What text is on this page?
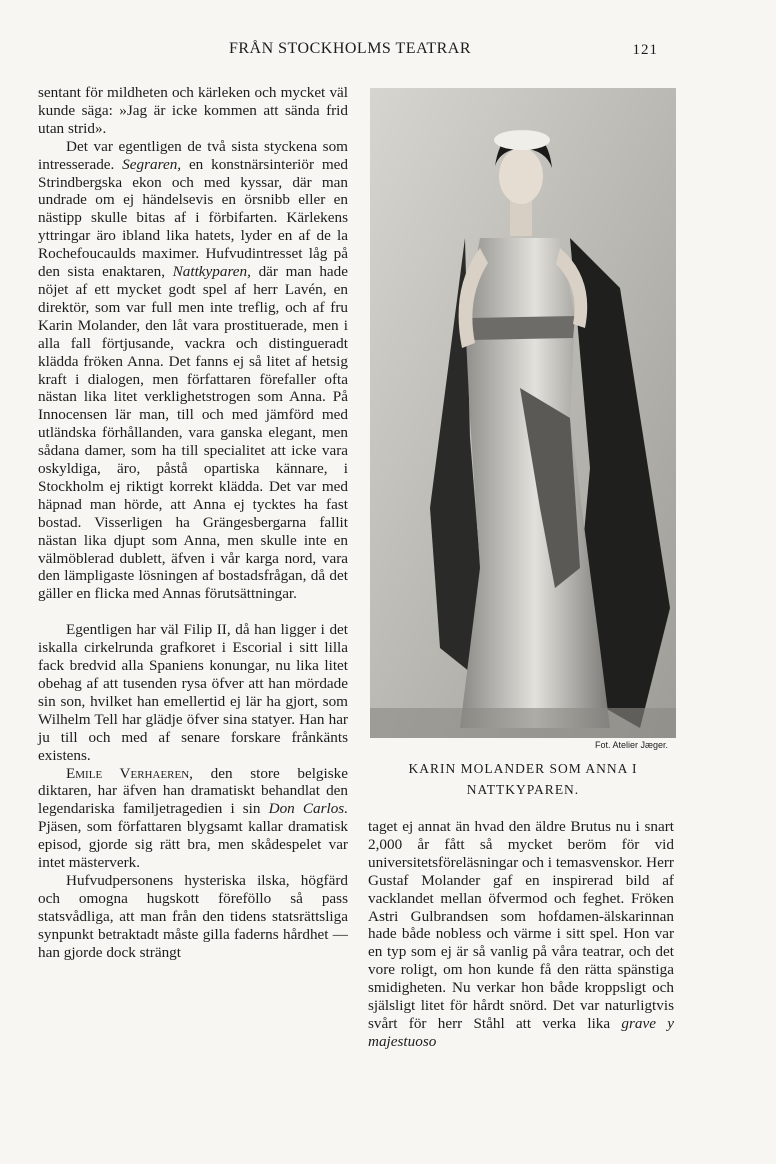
FRÅN STOCKHOLMS TEATRAR	121

sentant för mildheten och kärleken och mycket väl kunde säga: »Jag är icke kommen att sända frid utan strid».

Det var egentligen de två sista styckena som intresserade. Segraren, en konstnärsinteriör med Strindbergska ekon och med kyssar, där man undrade om ej händelsevis en örsnibb eller en nästipp skulle bitas af i förbifarten. Kärlekens yttringar äro ibland lika hatets, lyder en af de la Rochefoucaulds maximer. Hufvudintresset låg på den sista enaktaren, Nattkyparen, där man hade nöjet af ett mycket godt spel af herr Lavén, en direktör, som var full men inte treflig, och af fru Karin Molander, den låt vara prostituerade, men i alla fall förtjusande, vackra och distingueradt klädda fröken Anna. Det fanns ej så litet af hetsig kraft i dialogen, men författaren förefaller ofta nästan lika litet verklighetstrogen som Anna. På Innocensen lär man, till och med jämförd med utländska förhållanden, vara ganska elegant, men sådana damer, som ha till specialitet att icke vara oskyldiga, äro, påstå opartiska kännare, i Stockholm ej riktigt korrekt klädda. Det var med häpnad man hörde, att Anna ej tycktes ha fast bostad. Visserligen ha Grängesbergarna fallit nästan lika djupt som Anna, men skulle inte en välmöblerad dublett, äfven i vår karga nord, vara den lämpligaste lösningen af bostadsfrågan, då det gäller en flicka med Annas förutsättningar.

Egentligen har väl Filip II, då han ligger i det iskalla cirkelrunda grafkoret i Escorial i sitt lilla fack bredvid alla Spaniens konungar, nu lika litet obehag af att tusenden rysa öfver att han mördade sin son, hvilket han emellertid ej lär ha gjort, som Wilhelm Tell har glädje öfver sina statyer. Han har ju till och med af senare forskare frånkänts existens.

Emile Verhaeren, den store belgiske diktaren, har äfven han dramatiskt behandlat den legendariska familjetragedien i sin Don Carlos. Pjäsen, som författaren blygsamt kallar dramatisk episod, gjorde sig rätt bra, men skådespelet var intet mästerverk.

Hufvudpersonens hysteriska ilska, högfärd och omogna hugskott föreföllo så pass statsvådliga, att man från den tidens statsrättsliga synpunkt betraktadt måste gilla faderns hårdhet — han gjorde dock strängt

Fot. Atelier Jæger.
KARIN MOLANDER SOM ANNA I
NATTKYPAREN.

taget ej annat än hvad den äldre Brutus nu i snart 2,000 år fått så mycket beröm för vid universitetsföreläsningar och i temasvenskor. Herr Gustaf Molander gaf en inspirerad bild af vacklandet mellan öfvermod och feghet. Fröken Astri Gulbrandsen som hofdamen-älskarinnan hade både nobless och värme i sitt spel. Hon var en typ som ej är så vanlig på våra teatrar, och det vore roligt, om hon kunde få den rätta spänstiga smidigheten. Nu verkar hon både kroppsligt och själsligt litet för hårdt snörd. Det var naturligtvis svårt för herr Ståhl att verka lika grave y majestuoso
